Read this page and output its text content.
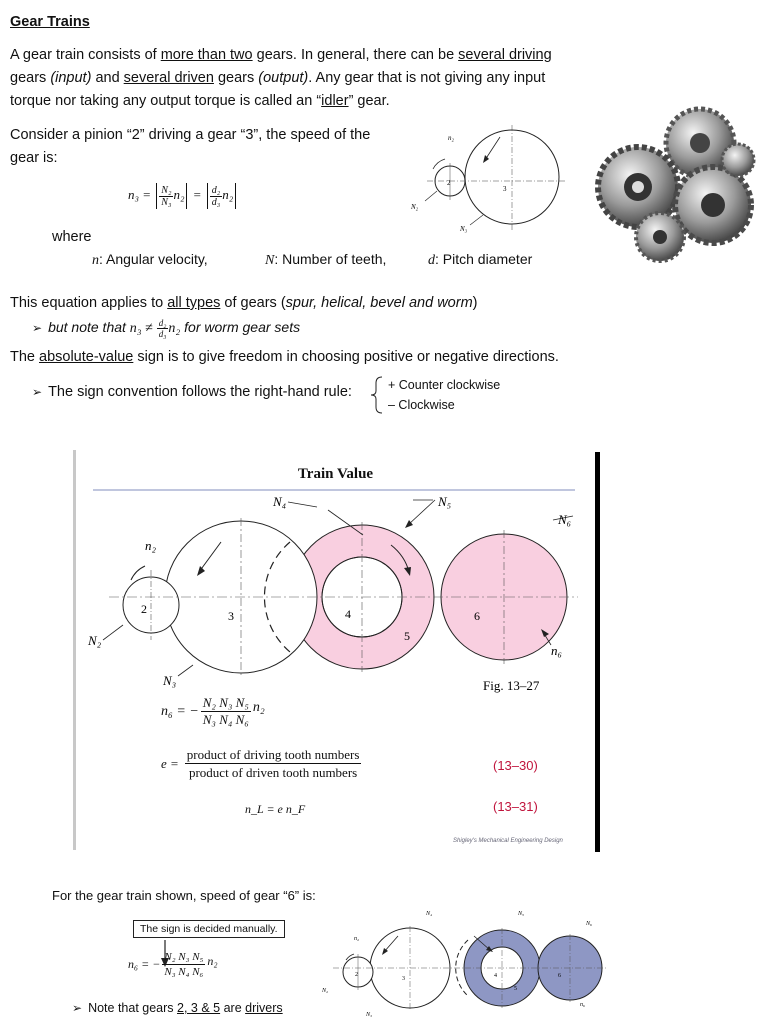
Gear Trains
A gear train consists of more than two gears. In general, there can be several driving
gears (input) and several driven gears (output). Any gear that is not giving any input
torque nor taking any output torque is called an “idler” gear.
Consider a pinion “2” driving a gear “3”, the speed of the
gear is:
$n_3 = \frac{\text{N₂}}{\text{N₃}} n_2 = \frac{\text{d₂}}{\text{d₃}} n_2$
where
n: Angular velocity,	N: Number of teeth,	d: Pitch diameter
n₂
2
3
N₂
N₃
This equation applies to all types of gears (spur, helical, bevel and worm)
➢ but note that $n_3 \ne \frac{\text{d₂}}{\text{d₃}} n_2$ for worm gear sets
The absolute-value sign is to give freedom in choosing positive or negative directions.
➢ The sign convention follows the right-hand rule:	+ Counter clockwise
– Clockwise
Train Value
N₄	N₅
N₆
n₂
N₂
N₃
n₆
2	3	4
5
6
Fig. 13–27
n₆ = − $\frac{\text{N₂ N₃ N₅}}{\text{N₃ N₄ N₆}} n_2$
$e = \frac{\text{product of driving tooth numbers}}{\text{product of driven tooth numbers}}$	(13–30)
n_L = e n_F	(13–31)
Shigley's Mechanical Engineering Design
For the gear train shown, speed of gear “6” is:
The sign is decided manually.
n₆ = − $\frac{\text{N₂ N₃ N₅}}{\text{N₃ N₄ N₆}} n_2$
➢ Note that gears 2, 3 & 5 are drivers
N₄	N₅
N₆
n₂
N₂
N₃
n₆
2
3	4
5
6
